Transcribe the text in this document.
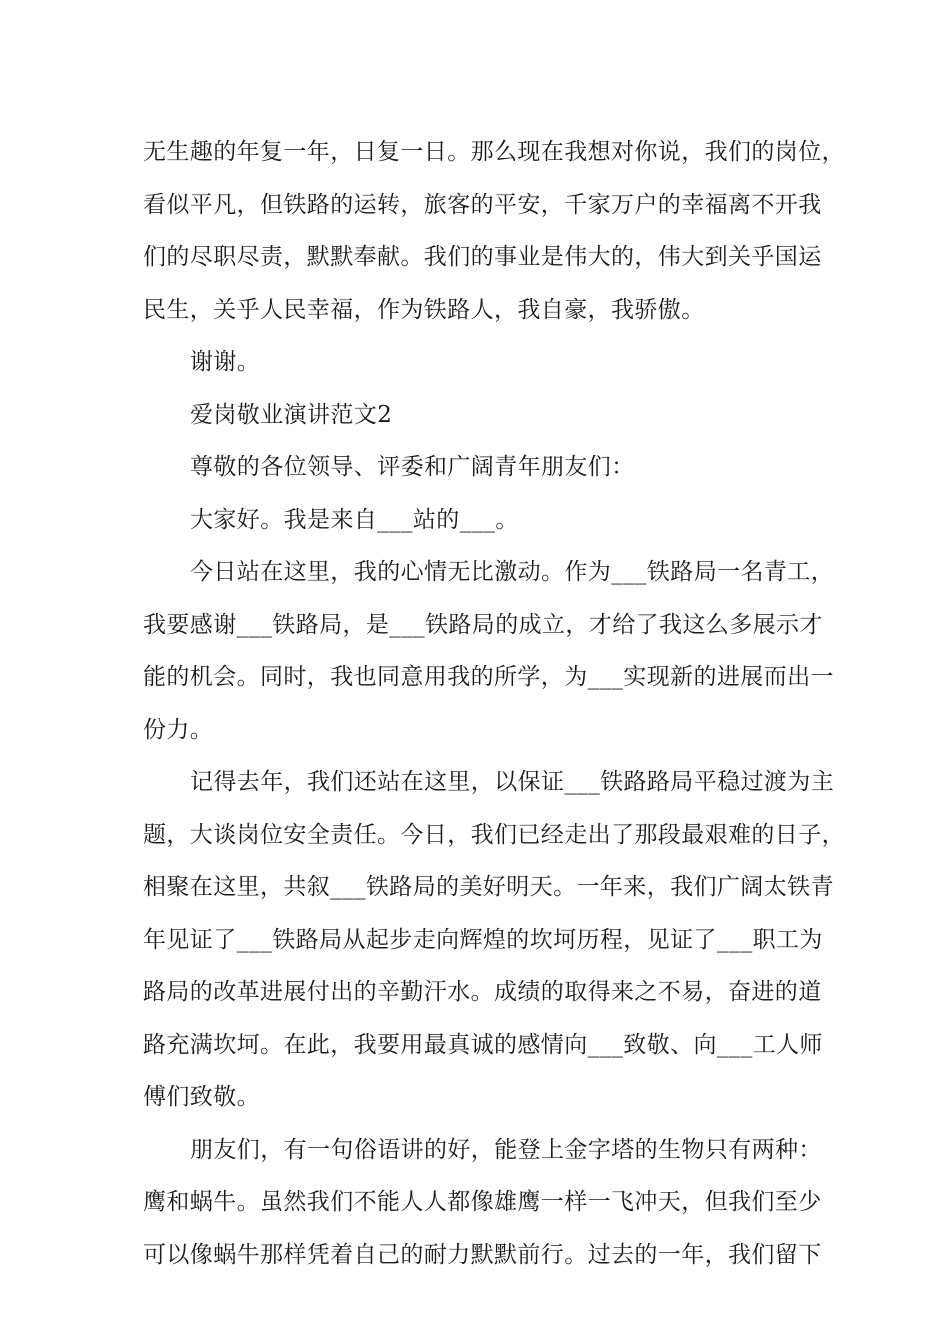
无生趣的年复一年，日复一日。那么现在我想对你说，我们的岗位，
看似平凡，但铁路的运转，旅客的平安，千家万户的幸福离不开我
们的尽职尽责，默默奉献。我们的事业是伟大的，伟大到关乎国运
民生，关乎人民幸福，作为铁路人，我自豪，我骄傲。

谢谢。

爱岗敬业演讲范文2

尊敬的各位领导、评委和广阔青年朋友们：

大家好。我是来自___站的___。

今日站在这里，我的心情无比激动。作为___铁路局一名青工，
我要感谢___铁路局，是___铁路局的成立，才给了我这么多展示才
能的机会。同时，我也同意用我的所学，为___实现新的进展而出一
份力。

记得去年，我们还站在这里，以保证___铁路路局平稳过渡为主
题，大谈岗位安全责任。今日，我们已经走出了那段最艰难的日子，
相聚在这里，共叙___铁路局的美好明天。一年来，我们广阔太铁青
年见证了___铁路局从起步走向辉煌的坎坷历程，见证了___职工为
路局的改革进展付出的辛勤汗水。成绩的取得来之不易，奋进的道
路充满坎坷。在此，我要用最真诚的感情向___致敬、向___工人师
傅们致敬。

朋友们，有一句俗语讲的好，能登上金字塔的生物只有两种：
鹰和蜗牛。虽然我们不能人人都像雄鹰一样一飞冲天，但我们至少
可以像蜗牛那样凭着自己的耐力默默前行。过去的一年，我们留下
